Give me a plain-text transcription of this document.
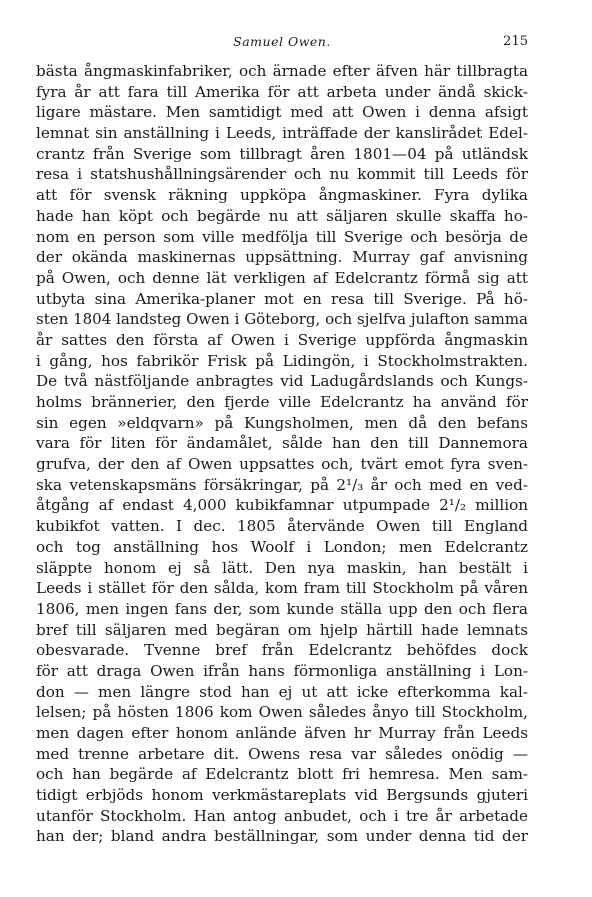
Samuel Owen.	215
bästa ångmaskinfabriker, och ärnade efter äfven här tillbragta
fyra år att fara till Amerika för att arbeta under ändå skick-
ligare mästare. Men samtidigt med att Owen i denna afsigt
lemnat sin anställning i Leeds, inträffade der kanslirådet Edel-
crantz från Sverige som tillbragt åren 1801—04 på utländsk
resa i statshushållningsärender och nu kommit till Leeds för
att för svensk räkning uppköpa ångmaskiner. Fyra dylika
hade han köpt och begärde nu att säljaren skulle skaffa ho-
nom en person som ville medfölja till Sverige och besörja de
der okända maskinernas uppsättning. Murray gaf anvisning
på Owen, och denne lät verkligen af Edelcrantz förmå sig att
utbyta sina Amerika-planer mot en resa till Sverige. På hö-
sten 1804 landsteg Owen i Göteborg, och sjelfva julafton samma
år sattes den första af Owen i Sverige uppförda ångmaskin
i gång, hos fabrikör Frisk på Lidingön, i Stockholmstrakten.
De två nästföljande anbragtes vid Ladugårdslands och Kungs-
holms brännerier, den fjerde ville Edelcrantz ha använd för
sin egen »eldqvarn» på Kungsholmen, men då den befans
vara för liten för ändamålet, sålde han den till Dannemora
grufva, der den af Owen uppsattes och, tvärt emot fyra sven-
ska vetenskapsmäns försäkringar, på 2¹/₃ år och med en ved-
åtgång af endast 4,000 kubikfamnar utpumpade 2¹/₂ million
kubikfot vatten. I dec. 1805 återvände Owen till England
och tog anställning hos Woolf i London; men Edelcrantz
släppte honom ej så lätt. Den nya maskin, han bestält i
Leeds i stället för den sålda, kom fram till Stockholm på våren
1806, men ingen fans der, som kunde ställa upp den och flera
bref till säljaren med begäran om hjelp härtill hade lemnats
obesvarade. Tvenne bref från Edelcrantz behöfdes dock
för att draga Owen ifrån hans förmonliga anställning i Lon-
don — men längre stod han ej ut att icke efterkomma kal-
lelsen; på hösten 1806 kom Owen således ånyo till Stockholm,
men dagen efter honom anlände äfven hr Murray från Leeds
med trenne arbetare dit. Owens resa var således onödig —
och han begärde af Edelcrantz blott fri hemresa. Men sam-
tidigt erbjöds honom verkmästareplats vid Bergsunds gjuteri
utanför Stockholm. Han antog anbudet, och i tre år arbetade
han der; bland andra beställningar, som under denna tid der
